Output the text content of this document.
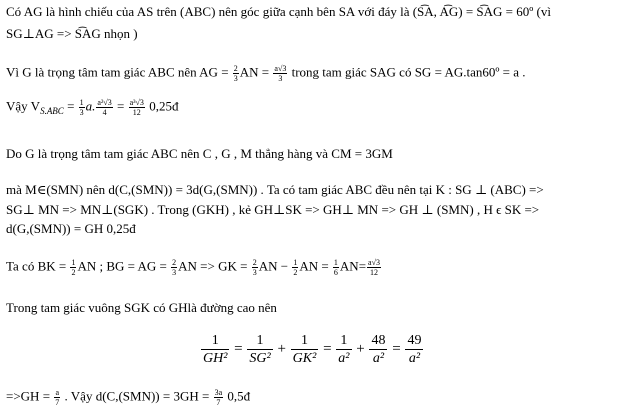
Có AG là hình chiếu của AS trên (ABC) nên góc giữa cạnh bên SA với đáy là (S͡A, A͡G) = S͡AG = 60º (vì
SG⊥AG => S͡AG nhọn )
Vì G là trọng tâm tam giác ABC nên AG = $\frac{2}{3}$ AN = $\frac{a√3}{3}$ trong tam giác SAG có SG = AG.tan60º = a .
Vậy $V_{S.ABC} = \frac{1}{3} a$. $\frac{\text{a²√3}}{4} = \frac{\text{a³√3}}{12}$ 0,25đ
Do G là trọng tâm tam giác ABC nên C , G , M thẳng hàng và CM = 3GM
mà M∈(SMN) nên d(C,(SMN)) = 3d(G,(SMN)) . Ta có tam giác ABC đều nên tại K : SG ⊥ (ABC) =>
SG⊥ MN => MN⊥(SGK) . Trong (GKH) , kẻ GH⊥SK => GH⊥ MN => GH ⊥ (SMN) , H ϵ SK =>
d(G,(SMN)) = GH 0,25đ
Ta có BK = $\frac{1}{2}$ AN ; BG = AG = $\frac{2}{3}$ AN => GK = $\frac{2}{3}$ AN − $\frac{1}{2}$ AN = $\frac{1}{6} AN= \frac{a√3}{12}$
Trong tam giác vuông SGK có GHlà đường cao nên
$\frac{1}{\text{GH²}} = \frac{1}{\text{SG²}} + \frac{1}{\text{GK²}} = \frac{1}{\text{a²}} + \frac{48}{\text{a²}} = \frac{49}{\text{a²}}$
$=>GH = \frac{a}{7}$ . Vậy $d(C,(SMN)) = 3GH = \frac{3a}{7}$ 0,5đ
